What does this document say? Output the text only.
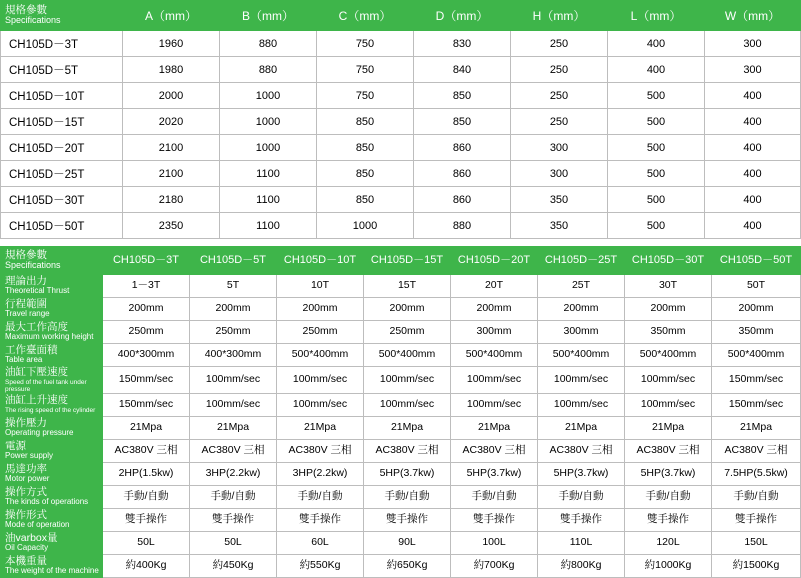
規格參數
Specifications	A（mm）	B（mm）	C（mm）	D（mm）	H（mm）	L（mm）	W（mm）
CH105D－3T	1960	880	750	830	250	400	300
CH105D－5T	1980	880	750	840	250	400	300
CH105D－10T	2000	1000	750	850	250	500	400
CH105D－15T	2020	1000	850	850	250	500	400
CH105D－20T	2100	1000	850	860	300	500	400
CH105D－25T	2100	1100	850	860	300	500	400
CH105D－30T	2180	1100	850	860	350	500	400
CH105D－50T	2350	1100	1000	880	350	500	400
規格參數
Specifications	CH105D－3T	CH105D－5T	CH105D－10T	CH105D－15T	CH105D－20T	CH105D－25T	CH105D－30T	CH105D－50T

理論出力
Theoretical Thrust	1－3T	5T	10T	15T	20T	25T	30T	50T

行程範圍
Travel range	200mm	200mm	200mm	200mm	200mm	200mm	200mm	200mm

最大工作高度
Maximum working height	250mm	250mm	250mm	250mm	300mm	300mm	350mm	350mm

工作臺面積
Table area	400*300mm	400*300mm	500*400mm	500*400mm	500*400mm	500*400mm	500*400mm	500*400mm

油缸下壓速度
Speed of the fuel tank under pressure	150mm/sec	100mm/sec	100mm/sec	100mm/sec	100mm/sec	100mm/sec	100mm/sec	150mm/sec

油缸上升速度
The rising speed of the cylinder	150mm/sec	100mm/sec	100mm/sec	100mm/sec	100mm/sec	100mm/sec	100mm/sec	150mm/sec

操作壓力
Operating pressure	21Mpa	21Mpa	21Mpa	21Mpa	21Mpa	21Mpa	21Mpa	21Mpa

電源
Power supply	AC380V 三相	AC380V 三相	AC380V 三相	AC380V 三相	AC380V 三相	AC380V 三相	AC380V 三相	AC380V 三相

馬達功率
Motor power	2HP(1.5kw)	3HP(2.2kw)	3HP(2.2kw)	5HP(3.7kw)	5HP(3.7kw)	5HP(3.7kw)	5HP(3.7kw)	7.5HP(5.5kw)

操作方式
The kinds of operations	手動/自動	手動/自動	手動/自動	手動/自動	手動/自動	手動/自動	手動/自動	手動/自動

操作形式
Mode of operation	雙手操作	雙手操作	雙手操作	雙手操作	雙手操作	雙手操作	雙手操作	雙手操作

油varbox量
Oil Capacity	50L	50L	60L	90L	100L	110L	120L	150L

本機重量
The weight of the machine	約400Kg	約450Kg	約550Kg	約650Kg	約700Kg	約800Kg	約1000Kg	約1500Kg
